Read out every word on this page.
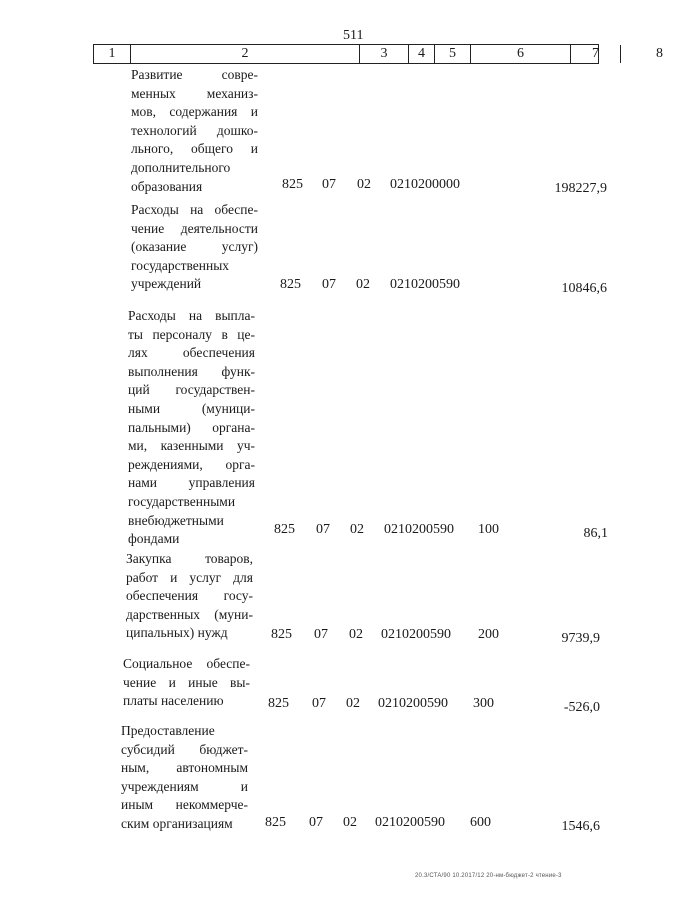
511
1	2	3	4	5	6	7	8
Развитие совре-
менных механиз-
мов, содержания и
технологий дошко-
льного, общего и
дополнительного
образования	825 07 02 0210200000	198227,9
Расходы на обеспе-
чение деятельности
(оказание услуг)
государственных
учреждений	825 07 02 0210200590	10846,6
Расходы на выпла-
ты персоналу в це-
лях обеспечения
выполнения функ-
ций государствен-
ными (муници-
пальными) органа-
ми, казенными уч-
реждениями, орга-
нами управления
государственными
внебюджетными
фондами
825 07 02 0210200590 100	86,1
Закупка товаров,
работ и услуг для
обеспечения госу-
дарственных (муни-
ципальных) нужд	825 07 02 0210200590 200	9739,9
Социальное обеспе-
чение и иные вы-
платы населению	825 07 02 0210200590 300	-526,0
Предоставление
субсидий бюджет-
ным, автономным
учреждениям и
иным некоммерче-
ским организациям	825 07 02 0210200590 600	1546,6
20.3/СТА/90 10.2017/12 20-нм-бюджет-2 чтение-3
